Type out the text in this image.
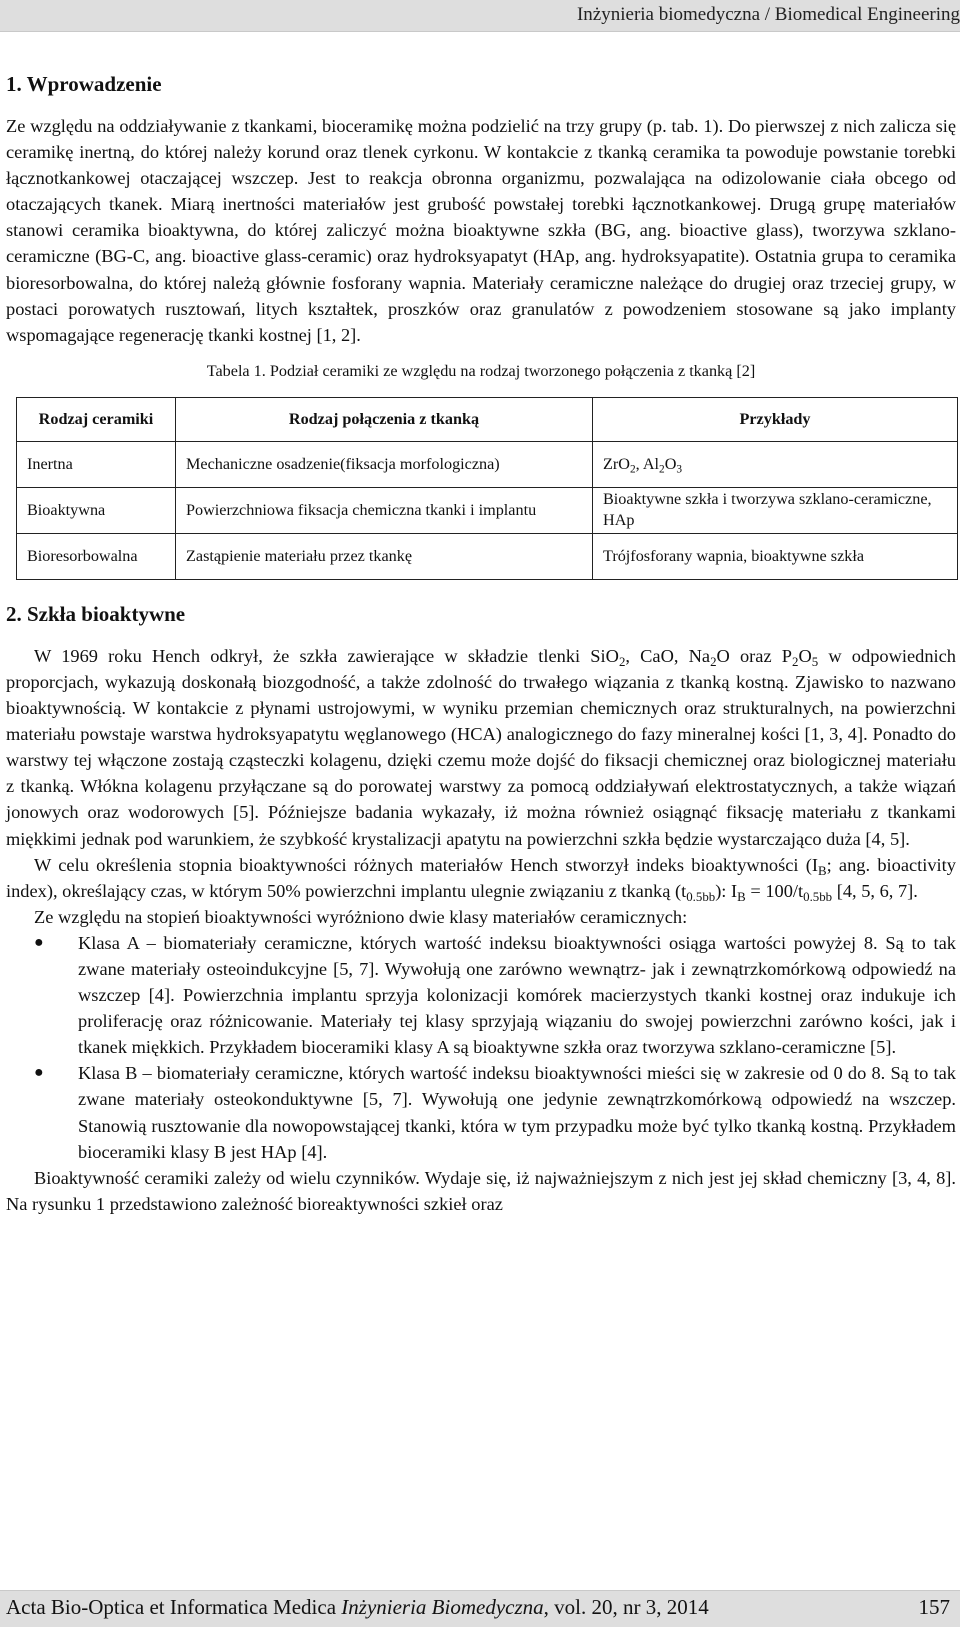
Inżynieria biomedyczna / Biomedical Engineering
1. Wprowadzenie

Ze względu na oddziaływanie z tkankami, bioceramikę można podzielić na trzy grupy (p. tab. 1). Do pierwszej z nich zalicza się ceramikę inertną, do której należy korund oraz tlenek cyrkonu. W kontakcie z tkanką ceramika ta powoduje powstanie torebki łącznotkankowej otaczającej wszczep. Jest to reakcja obronna organizmu, pozwalająca na odizolowanie ciała obcego od otaczających tkanek. Miarą inertności materiałów jest grubość powstałej torebki łącznotkankowej. Drugą grupę materiałów stanowi ceramika bioaktywna, do której zaliczyć można bioaktywne szkła (BG, ang. bioactive glass), tworzywa szklano-ceramiczne (BG-C, ang. bioactive glass-ceramic) oraz hydroksyapatyt (HAp, ang. hydroksyapatite). Ostatnia grupa to ceramika bioresorbowalna, do której należą głównie fosforany wapnia. Materiały ceramiczne należące do drugiej oraz trzeciej grupy, w postaci porowatych rusztowań, litych kształtek, proszków oraz granulatów z powodzeniem stosowane są jako implanty wspomagające regenerację tkanki kostnej [1, 2].

Tabela 1. Podział ceramiki ze względu na rodzaj tworzonego połączenia z tkanką [2]
Rodzaj ceramiki	Rodzaj połączenia z tkanką	Przykłady
Inertna	Mechaniczne osadzenie(fiksacja morfologiczna)	ZrO$_2$, $Al_2O_3$
Bioaktywna	Powierzchniowa fiksacja chemiczna tkanki i implantu	Bioaktywne szkła i tworzywa szklano-ceramiczne, HAp
Bioresorbowalna	Zastąpienie materiału przez tkankę	Trójfosforany wapnia, bioaktywne szkła
2. Szkła bioaktywne

W 1969 roku Hench odkrył, że szkła zawierające w składzie tlenki SiO$_2$, CaO, $Na_2O$ oraz $P_2O_5$ w odpowiednich proporcjach, wykazują doskonałą biozgodność, a także zdolność do trwałego wiązania z tkanką kostną. Zjawisko to nazwano bioaktywnością. W kontakcie z płynami ustrojowymi, w wyniku przemian chemicznych oraz strukturalnych, na powierzchni materiału powstaje warstwa hydroksyapatytu węglanowego (HCA) analogicznego do fazy mineralnej kości [1, 3, 4]. Ponadto do warstwy tej włączone zostają cząsteczki kolagenu, dzięki czemu może dojść do fiksacji chemicznej oraz biologicznej materiału z tkanką. Włókna kolagenu przyłączane są do porowatej warstwy za pomocą oddziaływań elektrostatycznych, a także wiązań jonowych oraz wodorowych [5]. Późniejsze badania wykazały, iż można również osiągnąć fiksację materiału z tkankami miękkimi jednak pod warunkiem, że szybkość krystalizacji apatytu na powierzchni szkła będzie wystarczająco duża [4, 5].

W celu określenia stopnia bioaktywności różnych materiałów Hench stworzył indeks bioaktywności ($I_B$; ang. bioactivity index), określający czas, w którym 50% powierzchni implantu ulegnie związaniu z tkanką $(t_{0.5bb})$: $I_B = 100/t_{0.5bb}$ [4, 5, 6, 7].

Ze względu na stopień bioaktywności wyróżniono dwie klasy materiałów ceramicznych:

● Klasa A – biomateriały ceramiczne, których wartość indeksu bioaktywności osiąga wartości powyżej 8. Są to tak zwane materiały osteoindukcyjne [5, 7]. Wywołują one zarówno wewnątrz- jak i zewnątrzkomórkową odpowiedź na wszczep [4]. Powierzchnia implantu sprzyja kolonizacji komórek macierzystych tkanki kostnej oraz indukuje ich proliferację oraz różnicowanie. Materiały tej klasy sprzyjają wiązaniu do swojej powierzchni zarówno kości, jak i tkanek miękkich. Przykładem bioceramiki klasy A są bioaktywne szkła oraz tworzywa szklano-ceramiczne [5].
● Klasa B – biomateriały ceramiczne, których wartość indeksu bioaktywności mieści się w zakresie od 0 do 8. Są to tak zwane materiały osteokonduktywne [5, 7]. Wywołują one jedynie zewnątrzkomórkową odpowiedź na wszczep. Stanowią rusztowanie dla nowopowstającej tkanki, która w tym przypadku może być tylko tkanką kostną. Przykładem bioceramiki klasy B jest HAp [4].

Bioaktywność ceramiki zależy od wielu czynników. Wydaje się, iż najważniejszym z nich jest jej skład chemiczny [3, 4, 8]. Na rysunku 1 przedstawiono zależność bioreaktywności szkieł oraz

Acta Bio-Optica et Informatica Medica Inżynieria Biomedyczna, vol. 20, nr 3, 2014	157
